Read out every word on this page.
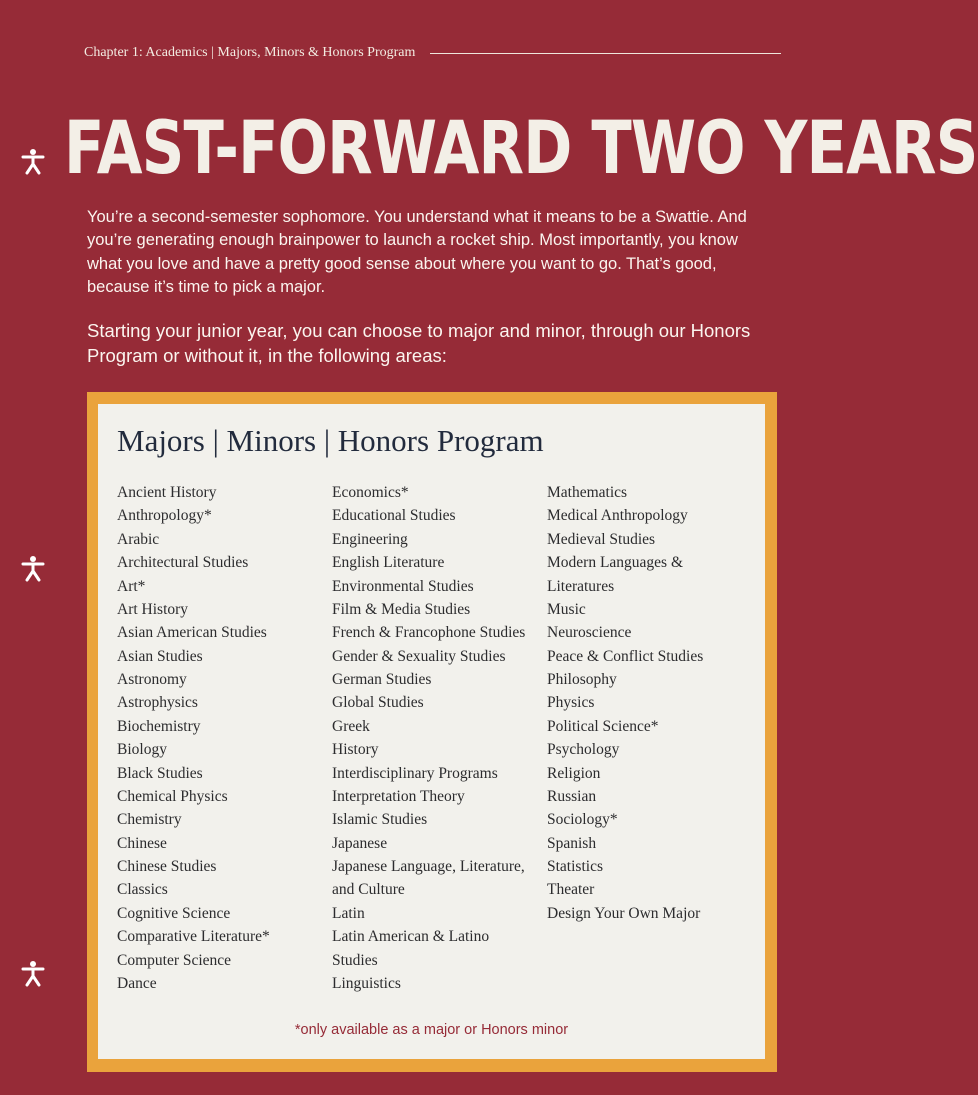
Chapter 1: Academics | Majors, Minors & Honors Program
FAST-FORWARD TWO YEARS

You’re a second-semester sophomore. You understand what it means to be a Swattie. And you’re generating enough brainpower to launch a rocket ship. Most importantly, you know what you love and have a pretty good sense about where you want to go. That’s good, because it’s time to pick a major.

Starting your junior year, you can choose to major and minor, through our Honors Program or without it, in the following areas:

Majors | Minors | Honors Program
Ancient History
Anthropology*
Arabic
Architectural Studies
Art*
Art History
Asian American Studies
Asian Studies
Astronomy
Astrophysics
Biochemistry
Biology
Black Studies
Chemical Physics
Chemistry
Chinese
Chinese Studies
Classics
Cognitive Science
Comparative Literature*
Computer Science
Dance
Economics*
Educational Studies
Engineering
English Literature
Environmental Studies
Film & Media Studies
French & Francophone Studies
Gender & Sexuality Studies
German Studies
Global Studies
Greek
History
Interdisciplinary Programs
Interpretation Theory
Islamic Studies
Japanese
Japanese Language, Literature,
and Culture
Latin
Latin American & Latino
Studies
Linguistics
Mathematics
Medical Anthropology
Medieval Studies
Modern Languages &
Literatures
Music
Neuroscience
Peace & Conflict Studies
Philosophy
Physics
Political Science*
Psychology
Religion
Russian
Sociology*
Spanish
Statistics
Theater
Design Your Own Major

*only available as a major or Honors minor
